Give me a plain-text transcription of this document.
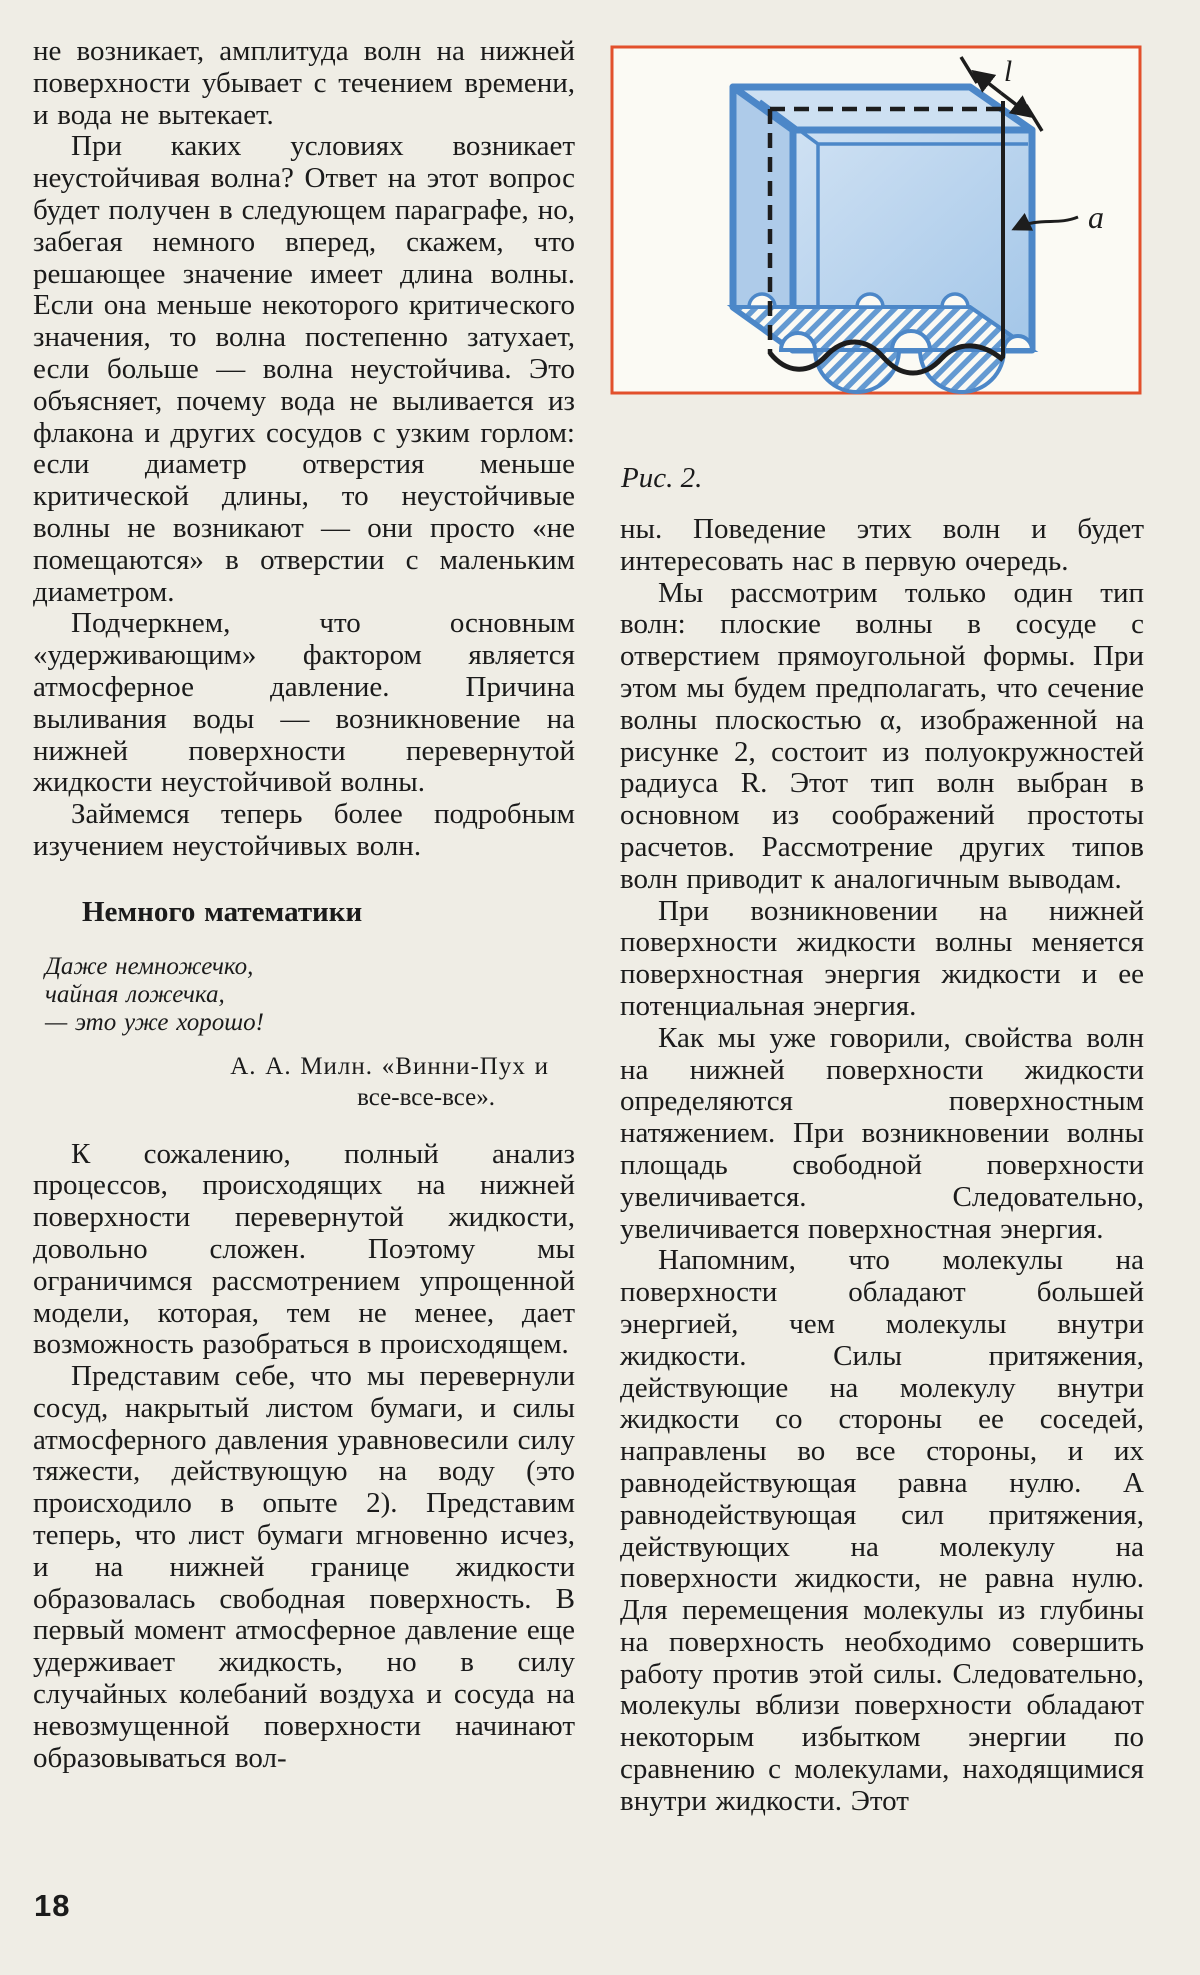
не возникает, амплитуда волн на нижней поверхности убывает с течением времени, и вода не вытекает.

При каких условиях возникает неустойчивая волна? Ответ на этот вопрос будет получен в следующем параграфе, но, забегая немного вперед, скажем, что решающее значение имеет длина волны. Если она меньше некоторого критического значения, то волна постепенно затухает, если больше — волна неустойчива. Это объясняет, почему вода не выливается из флакона и других сосудов с узким горлом: если диаметр отверстия меньше критической длины, то неустойчивые волны не возникают — они просто «не помещаются» в отверстии с маленьким диаметром.

Подчеркнем, что основным «удерживающим» фактором является атмосферное давление. Причина выливания воды — возникновение на нижней поверхности перевернутой жидкости неустойчивой волны.

Займемся теперь более подробным изучением неустойчивых волн.

Немного математики
Даже немножечко,
чайная ложечка,
— это уже хорошо!
А. А. Милн. «Винни-Пух и
все-все-все».

К сожалению, полный анализ процессов, происходящих на нижней поверхности перевернутой жидкости, довольно сложен. Поэтому мы ограничимся рассмотрением упрощенной модели, которая, тем не менее, дает возможность разобраться в происходящем.

Представим себе, что мы перевернули сосуд, накрытый листом бумаги, и силы атмосферного давления уравновесили силу тяжести, действующую на воду (это происходило в опыте 2). Представим теперь, что лист бумаги мгновенно исчез, и на нижней границе жидкости образовалась свободная поверхность. В первый момент атмосферное давление еще удерживает жидкость, но в силу случайных колебаний воздуха и сосуда на невозмущенной поверхности начинают образовываться вол-

l
a
Рис. 2.

ны. Поведение этих волн и будет интересовать нас в первую очередь.

Мы рассмотрим только один тип волн: плоские волны в сосуде с отверстием прямоугольной формы. При этом мы будем предполагать, что сечение волны плоскостью α, изображенной на рисунке 2, состоит из полуокружностей радиуса R. Этот тип волн выбран в основном из соображений простоты расчетов. Рассмотрение других типов волн приводит к аналогичным выводам.

При возникновении на нижней поверхности жидкости волны меняется поверхностная энергия жидкости и ее потенциальная энергия.

Как мы уже говорили, свойства волн на нижней поверхности жидкости определяются поверхностным натяжением. При возникновении волны площадь свободной поверхности увеличивается. Следовательно, увеличивается поверхностная энергия.

Напомним, что молекулы на поверхности обладают большей энергией, чем молекулы внутри жидкости. Силы притяжения, действующие на молекулу внутри жидкости со стороны ее соседей, направлены во все стороны, и их равнодействующая равна нулю. А равнодействующая сил притяжения, действующих на молекулу на поверхности жидкости, не равна нулю. Для перемещения молекулы из глубины на поверхность необходимо совершить работу против этой силы. Следовательно, молекулы вблизи поверхности обладают некоторым избытком энергии по сравнению с молекулами, находящимися внутри жидкости. Этот

18
